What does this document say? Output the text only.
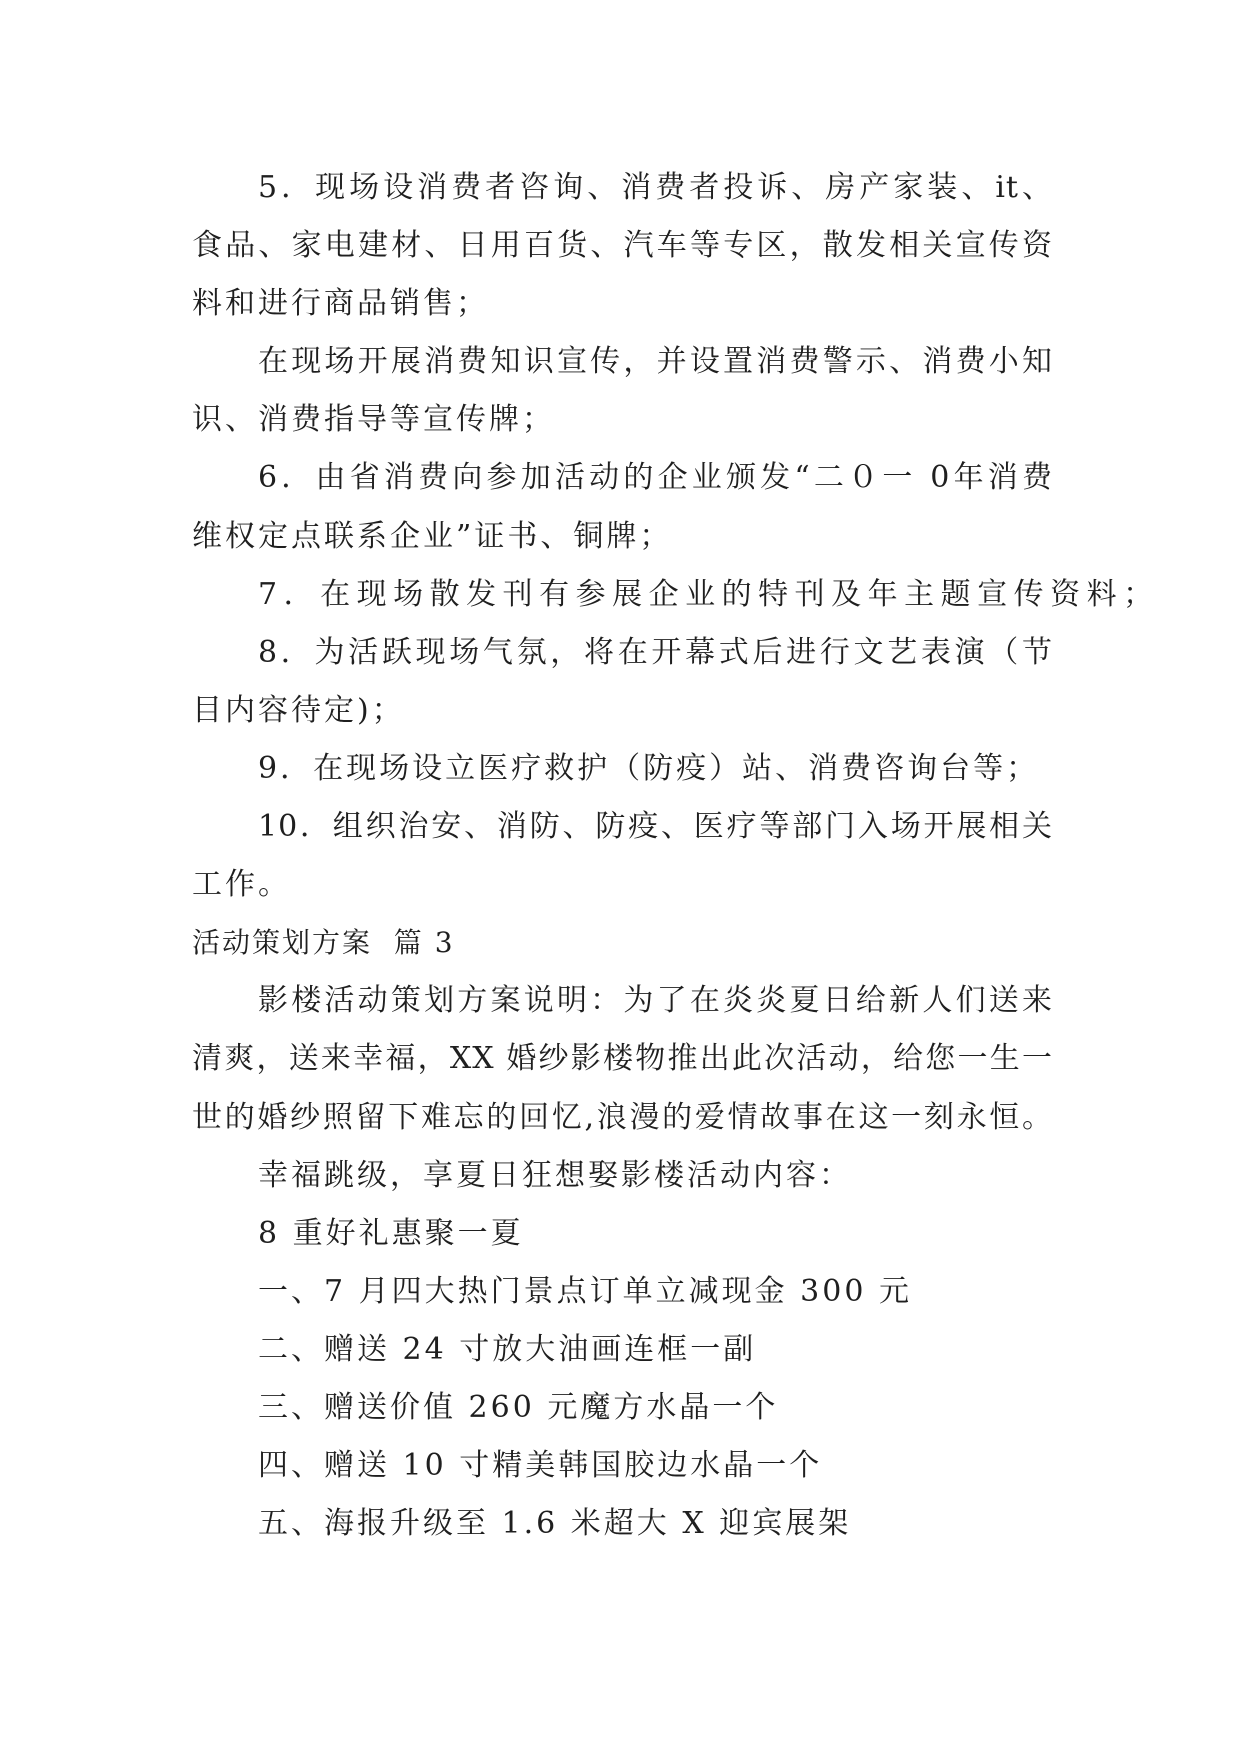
5．现场设消费者咨询、消费者投诉、房产家装、it、
食品、家电建材、日用百货、汽车等专区，散发相关宣传资
料和进行商品销售；
在现场开展消费知识宣传，并设置消费警示、消费小知
识、消费指导等宣传牌；
6．由省消费向参加活动的企业颁发“二０一 0年消费
维权定点联系企业”证书、铜牌；
7．在现场散发刊有参展企业的特刊及年主题宣传资料；
8．为活跃现场气氛，将在开幕式后进行文艺表演（节
目内容待定)；
9．在现场设立医疗救护（防疫）站、消费咨询台等；
10．组织治安、消防、防疫、医疗等部门入场开展相关
工作。
活动策划方案  篇 3
影楼活动策划方案说明：为了在炎炎夏日给新人们送来
清爽，送来幸福，XX 婚纱影楼物推出此次活动，给您一生一
世的婚纱照留下难忘的回忆,浪漫的爱情故事在这一刻永恒。
幸福跳级，享夏日狂想娶影楼活动内容：
8 重好礼惠聚一夏
一、7 月四大热门景点订单立减现金 300 元
二、赠送 24 寸放大油画连框一副
三、赠送价值 260 元魔方水晶一个
四、赠送 10 寸精美韩国胶边水晶一个
五、海报升级至 1.6 米超大 X 迎宾展架
